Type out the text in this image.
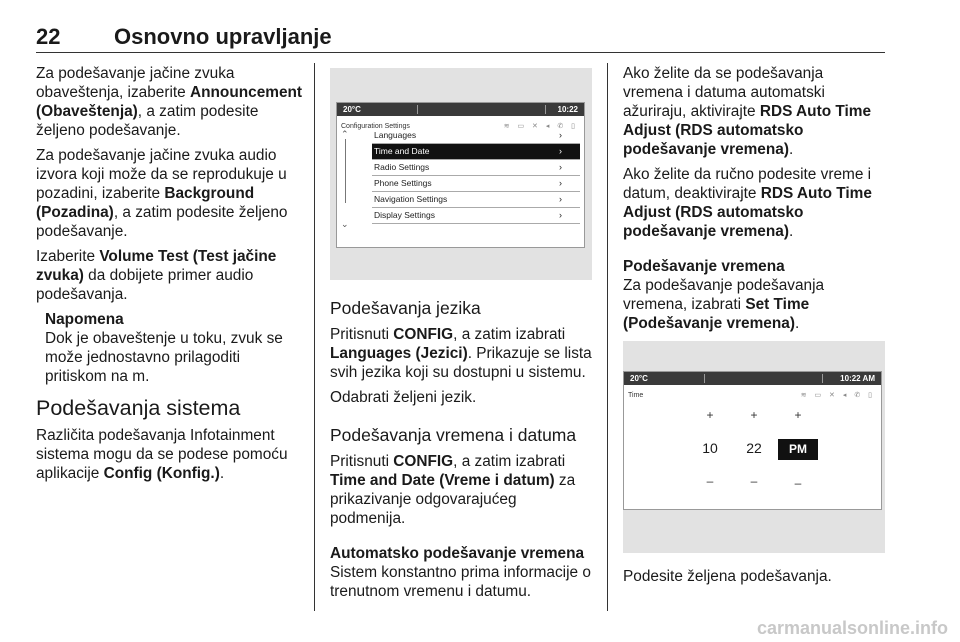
22 Osnovno upravljanje

Za podešavanje jačine zvuka obaveštenja, izaberite Announcement (Obaveštenja), a zatim podesite željeno podešavanje.

Za podešavanje jačine zvuka audio izvora koji može da se reprodukuje u pozadini, izaberite Background (Pozadina), a zatim podesite željeno podešavanje.

Izaberite Volume Test (Test jačine zvuka) da dobijete primer audio podešavanja.

Napomena
Dok je obaveštenje u toku, zvuk se može jednostavno prilagoditi pritiskom na m.
Podešavanja sistema

Različita podešavanja Infotainment sistema mogu da se podese pomoću aplikacije Config (Konfig.).

20°C	10:22
Configuration Settings	≋ ▭ ✕ ◂ ✆ ▯
⌃
⌄
Languages	›
Time and Date	›
Radio Settings	›
Phone Settings	›
Navigation Settings	›
Display Settings	›
Podešavanja jezika

Pritisnuti CONFIG, a zatim izabrati Languages (Jezici). Prikazuje se lista svih jezika koji su dostupni u sistemu.

Odabrati željeni jezik.

Podešavanja vremena i datuma

Pritisnuti CONFIG, a zatim izabrati Time and Date (Vreme i datum) za prikazivanje odgovarajućeg podmenija.

Automatsko podešavanje vremena

Sistem konstantno prima informacije o trenutnom vremenu i datumu.

Ako želite da se podešavanja vremena i datuma automatski ažuriraju, aktivirajte RDS Auto Time Adjust (RDS automatsko podešavanje vremena).

Ako želite da ručno podesite vreme i datum, deaktivirajte RDS Auto Time Adjust (RDS automatsko podešavanje vremena).

Podešavanje vremena

Za podešavanje podešavanja vremena, izabrati Set Time (Podešavanje vremena).

20°C	10:22 AM
Time	≋ ▭ ✕ ◂ ✆ ▯
+
10
–
+
22
–
+
PM
–

Podesite željena podešavanja.

carmanualsonline.info
